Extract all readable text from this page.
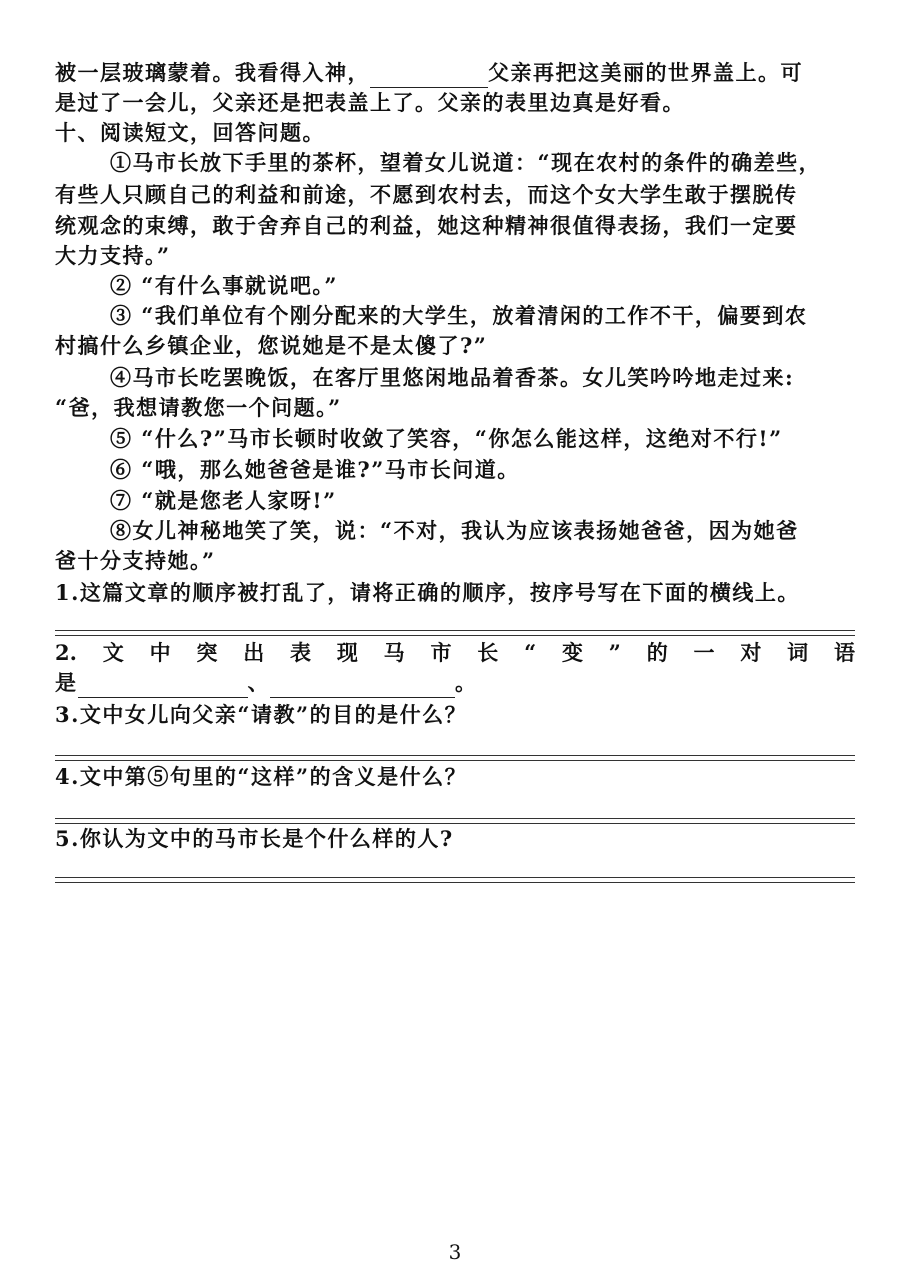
被一层玻璃蒙着。我看得入神，	父亲再把这美丽的世界盖上。可
是过了一会儿，父亲还是把表盖上了。父亲的表里边真是好看。
十、阅读短文，回答问题。
①马市长放下手里的茶杯，望着女儿说道：“现在农村的条件的确差些，
有些人只顾自己的利益和前途，不愿到农村去，而这个女大学生敢于摆脱传
统观念的束缚，敢于舍弃自己的利益，她这种精神很值得表扬，我们一定要
大力支持。”
② “有什么事就说吧。”
③ “我们单位有个刚分配来的大学生，放着清闲的工作不干，偏要到农
村搞什么乡镇企业，您说她是不是太傻了?”
④马市长吃罢晚饭，在客厅里悠闲地品着香茶。女儿笑吟吟地走过来:
“爸，我想请教您一个问题。”
⑤ “什么?”马市长顿时收敛了笑容，“你怎么能这样，这绝对不行!”
⑥ “哦，那么她爸爸是谁?”马市长问道。
⑦ “就是您老人家呀!”
⑧女儿神秘地笑了笑，说：“不对，我认为应该表扬她爸爸，因为她爸
爸十分支持她。”
1.这篇文章的顺序被打乱了，请将正确的顺序，按序号写在下面的横线上。
2. 文 中 突 出 表 现 马 市 长 “ 变 ” 的 一 对 词 语
是	、	。
3.文中女儿向父亲“请教”的目的是什么？
4.文中第⑤句里的“这样”的含义是什么？
5.你认为文中的马市长是个什么样的人?
3
